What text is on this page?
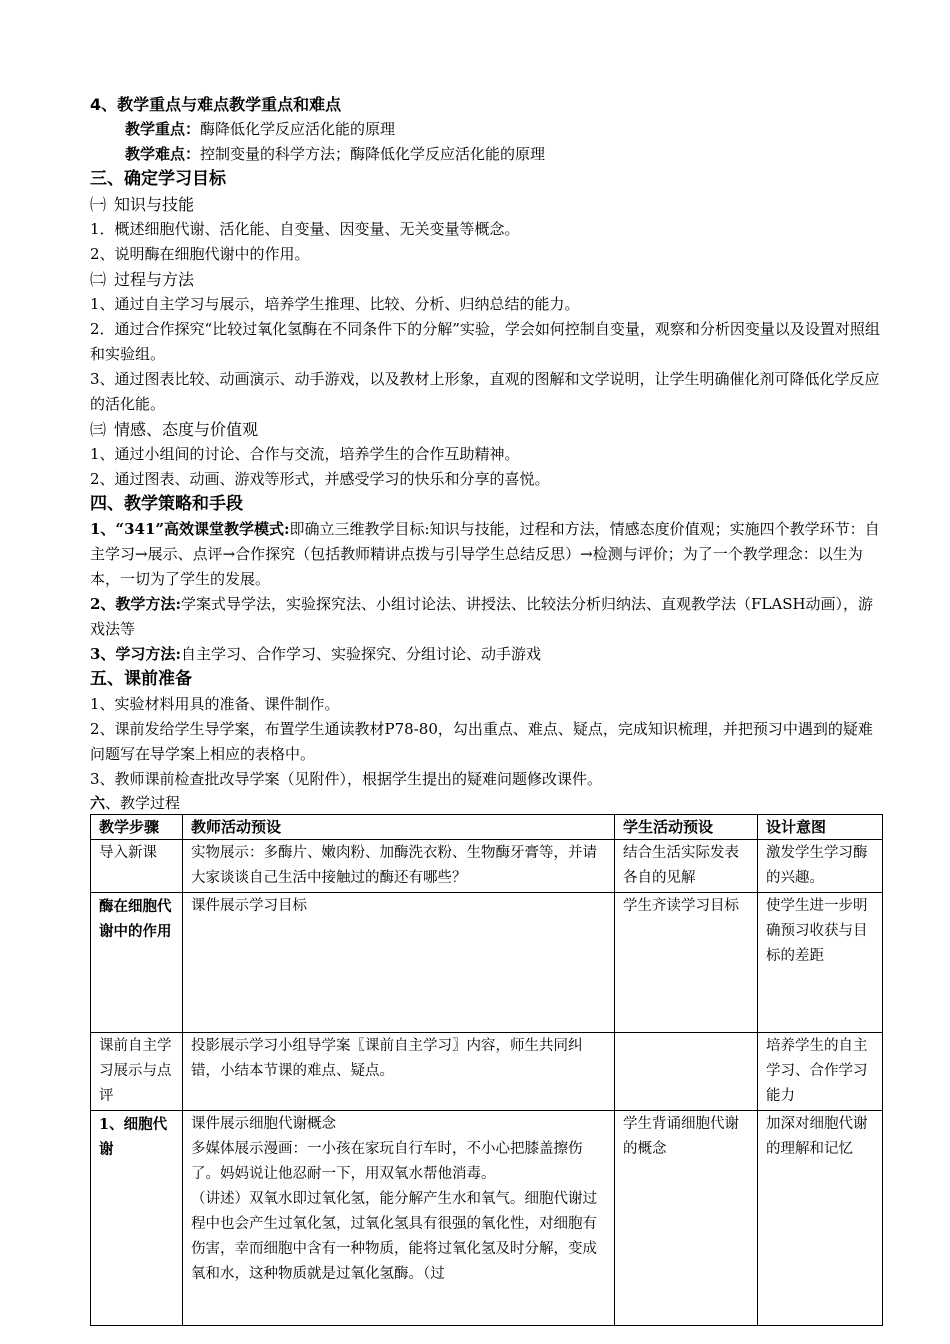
4、教学重点与难点教学重点和难点
教学重点：酶降低化学反应活化能的原理
教学难点：控制变量的科学方法；酶降低化学反应活化能的原理
三、确定学习目标
㈠ 知识与技能
1．概述细胞代谢、活化能、自变量、因变量、无关变量等概念。
2、说明酶在细胞代谢中的作用。
㈡ 过程与方法
1、通过自主学习与展示，培养学生推理、比较、分析、归纳总结的能力。
2．通过合作探究“比较过氧化氢酶在不同条件下的分解”实验，学会如何控制自变量，观察和分析因变量以及设置对照组和实验组。
3、通过图表比较、动画演示、动手游戏，以及教材上形象，直观的图解和文学说明，让学生明确催化剂可降低化学反应的活化能。
㈢ 情感、态度与价值观
1、通过小组间的讨论、合作与交流，培养学生的合作互助精神。
2、通过图表、动画、游戏等形式，并感受学习的快乐和分享的喜悦。
四、教学策略和手段
1、“341”高效课堂教学模式:即确立三维教学目标:知识与技能，过程和方法，情感态度价值观；实施四个教学环节：自主学习→展示、点评→合作探究（包括教师精讲点拨与引导学生总结反思）→检测与评价；为了一个教学理念：以生为本，一切为了学生的发展。
2、教学方法:学案式导学法，实验探究法、小组讨论法、讲授法、比较法分析归纳法、直观教学法（FLASH动画），游戏法等
3、学习方法:自主学习、合作学习、实验探究、分组讨论、动手游戏
五、课前准备
1、实验材料用具的准备、课件制作。
2、课前发给学生导学案，布置学生通读教材P78-80，勾出重点、难点、疑点，完成知识梳理，并把预习中遇到的疑难问题写在导学案上相应的表格中。
3、教师课前检查批改导学案（见附件），根据学生提出的疑难问题修改课件。
六、教学过程
教学步骤	教师活动预设	学生活动预设	设计意图
导入新课	实物展示：多酶片、嫩肉粉、加酶洗衣粉、生物酶牙膏等，并请大家谈谈自己生活中接触过的酶还有哪些？	结合生活实际发表各自的见解	激发学生学习酶的兴趣。
酶在细胞代谢中的作用	课件展示学习目标	学生齐读学习目标	使学生进一步明确预习收获与目标的差距
课前自主学习展示与点评	投影展示学习小组导学案〖课前自主学习〗内容，师生共同纠错，小结本节课的难点、疑点。		培养学生的自主学习、合作学习能力
1、细胞代谢	课件展示细胞代谢概念
多媒体展示漫画：一小孩在家玩自行车时，不小心把膝盖擦伤了。妈妈说让他忍耐一下，用双氧水帮他消毒。
（讲述）双氧水即过氧化氢，能分解产生水和氧气。细胞代谢过程中也会产生过氧化氢，过氧化氢具有很强的氧化性，对细胞有伤害，幸而细胞中含有一种物质，能将过氧化氢及时分解，变成氧和水，这种物质就是过氧化氢酶。（过	学生背诵细胞代谢的概念	加深对细胞代谢的理解和记忆
